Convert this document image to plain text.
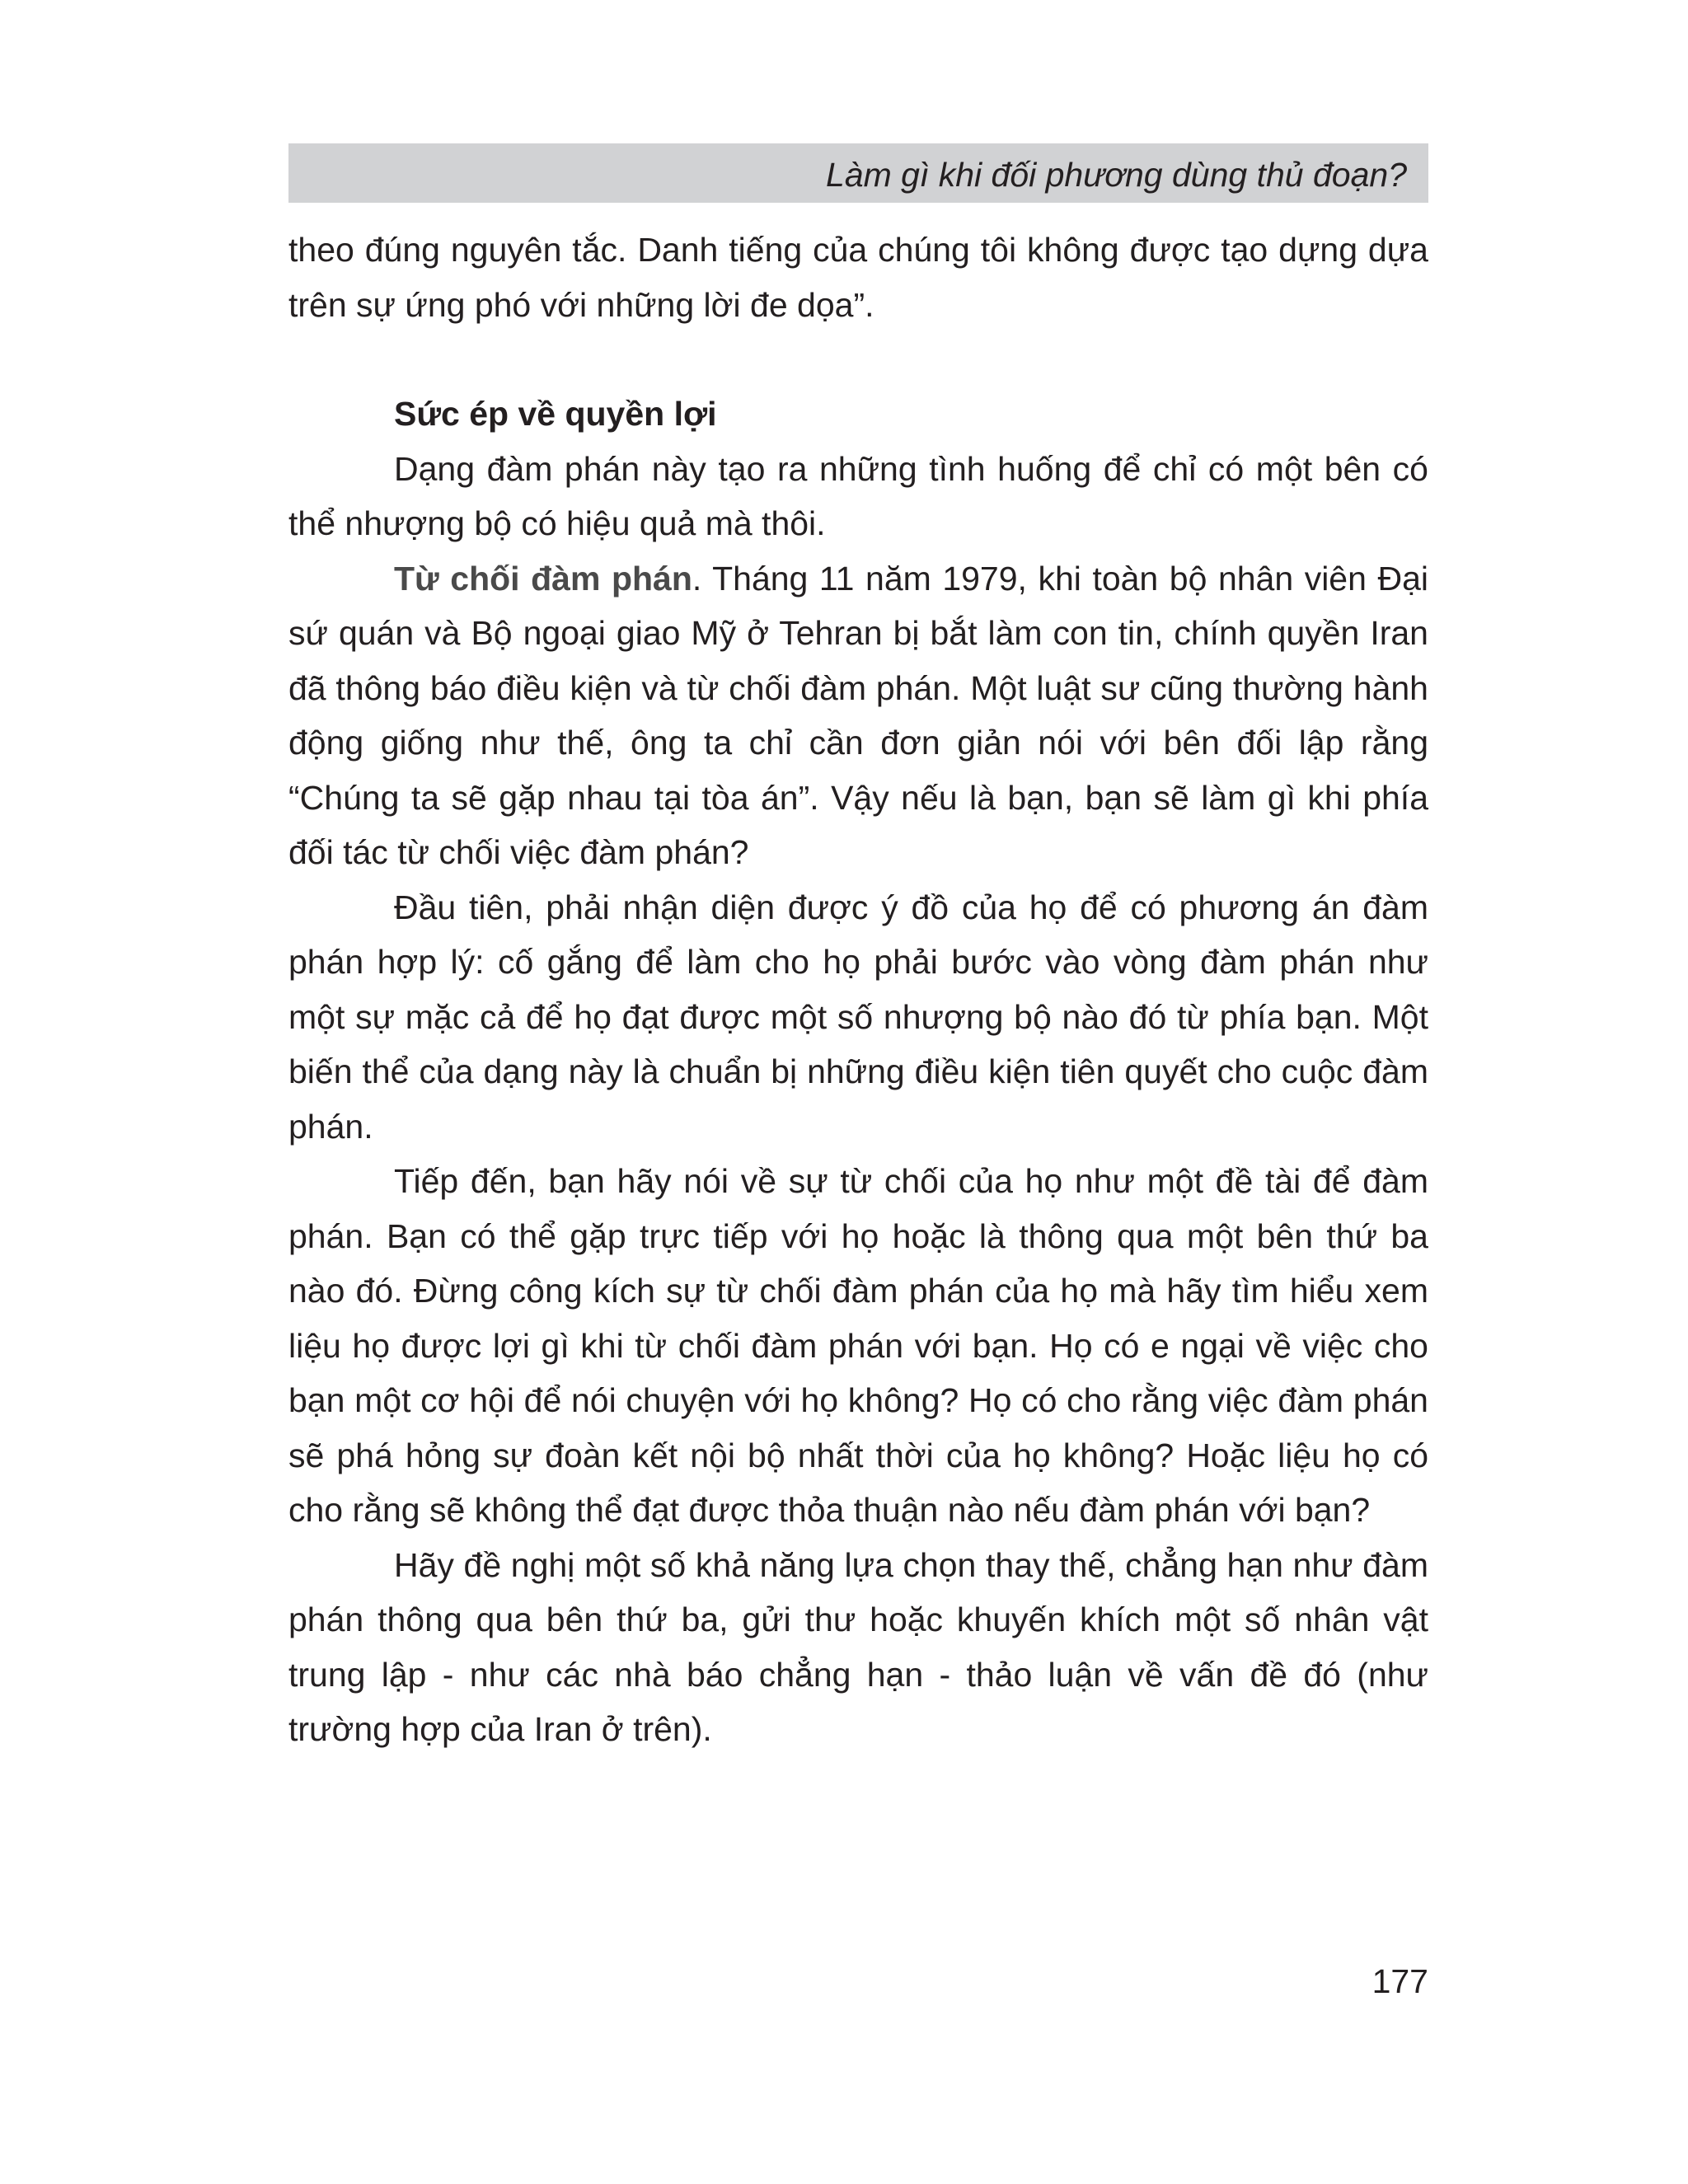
Làm gì khi đối phương dùng thủ đoạn?

theo đúng nguyên tắc. Danh tiếng của chúng tôi không được tạo dựng dựa trên sự ứng phó với những lời đe dọa”.

Sức ép về quyền lợi

Dạng đàm phán này tạo ra những tình huống để chỉ có một bên có thể nhượng bộ có hiệu quả mà thôi.

Từ chối đàm phán. Tháng 11 năm 1979, khi toàn bộ nhân viên Đại sứ quán và Bộ ngoại giao Mỹ ở Tehran bị bắt làm con tin, chính quyền Iran đã thông báo điều kiện và từ chối đàm phán. Một luật sư cũng thường hành động giống như thế, ông ta chỉ cần đơn giản nói với bên đối lập rằng “Chúng ta sẽ gặp nhau tại tòa án”. Vậy nếu là bạn, bạn sẽ làm gì khi phía đối tác từ chối việc đàm phán?

Đầu tiên, phải nhận diện được ý đồ của họ để có phương án đàm phán hợp lý: cố gắng để làm cho họ phải bước vào vòng đàm phán như một sự mặc cả để họ đạt được một số nhượng bộ nào đó từ phía bạn. Một biến thể của dạng này là chuẩn bị những điều kiện tiên quyết cho cuộc đàm phán.

Tiếp đến, bạn hãy nói về sự từ chối của họ như một đề tài để đàm phán. Bạn có thể gặp trực tiếp với họ hoặc là thông qua một bên thứ ba nào đó. Đừng công kích sự từ chối đàm phán của họ mà hãy tìm hiểu xem liệu họ được lợi gì khi từ chối đàm phán với bạn. Họ có e ngại về việc cho bạn một cơ hội để nói chuyện với họ không? Họ có cho rằng việc đàm phán sẽ phá hỏng sự đoàn kết nội bộ nhất thời của họ không? Hoặc liệu họ có cho rằng sẽ không thể đạt được thỏa thuận nào nếu đàm phán với bạn?

Hãy đề nghị một số khả năng lựa chọn thay thế, chẳng hạn như đàm phán thông qua bên thứ ba, gửi thư hoặc khuyến khích một số nhân vật trung lập - như các nhà báo chẳng hạn - thảo luận về vấn đề đó (như trường hợp của Iran ở trên).

177
